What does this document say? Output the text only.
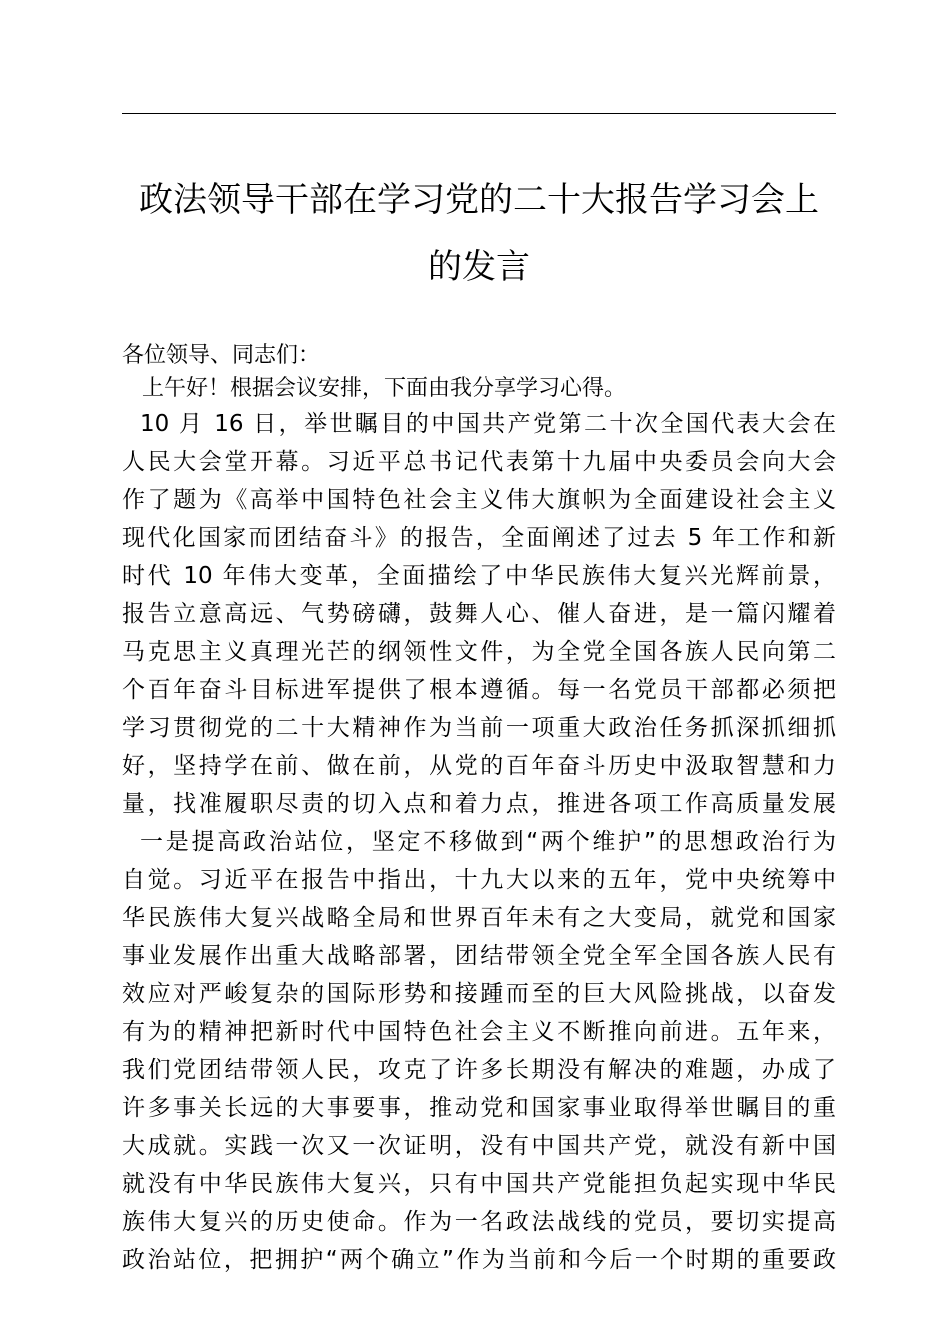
政法领导干部在学习党的二十大报告学习会上
的发言
各位领导、同志们：
上午好！根据会议安排，下面由我分享学习心得。
10 月 16 日，举世瞩目的中国共产党第二十次全国代表大会在
人民大会堂开幕。习近平总书记代表第十九届中央委员会向大会
作了题为《高举中国特色社会主义伟大旗帜为全面建设社会主义
现代化国家而团结奋斗》的报告，全面阐述了过去 5 年工作和新
时代 10 年伟大变革，全面描绘了中华民族伟大复兴光辉前景，
报告立意高远、气势磅礴，鼓舞人心、催人奋进，是一篇闪耀着
马克思主义真理光芒的纲领性文件，为全党全国各族人民向第二
个百年奋斗目标进军提供了根本遵循。每一名党员干部都必须把
学习贯彻党的二十大精神作为当前一项重大政治任务抓深抓细抓
好，坚持学在前、做在前，从党的百年奋斗历史中汲取智慧和力
量，找准履职尽责的切入点和着力点，推进各项工作高质量发展
一是提高政治站位，坚定不移做到“两个维护”的思想政治行为
自觉。习近平在报告中指出，十九大以来的五年，党中央统筹中
华民族伟大复兴战略全局和世界百年未有之大变局，就党和国家
事业发展作出重大战略部署，团结带领全党全军全国各族人民有
效应对严峻复杂的国际形势和接踵而至的巨大风险挑战，以奋发
有为的精神把新时代中国特色社会主义不断推向前进。五年来，
我们党团结带领人民，攻克了许多长期没有解决的难题，办成了
许多事关长远的大事要事，推动党和国家事业取得举世瞩目的重
大成就。实践一次又一次证明，没有中国共产党，就没有新中国
就没有中华民族伟大复兴，只有中国共产党能担负起实现中华民
族伟大复兴的历史使命。作为一名政法战线的党员，要切实提高
政治站位，把拥护“两个确立”作为当前和今后一个时期的重要政
